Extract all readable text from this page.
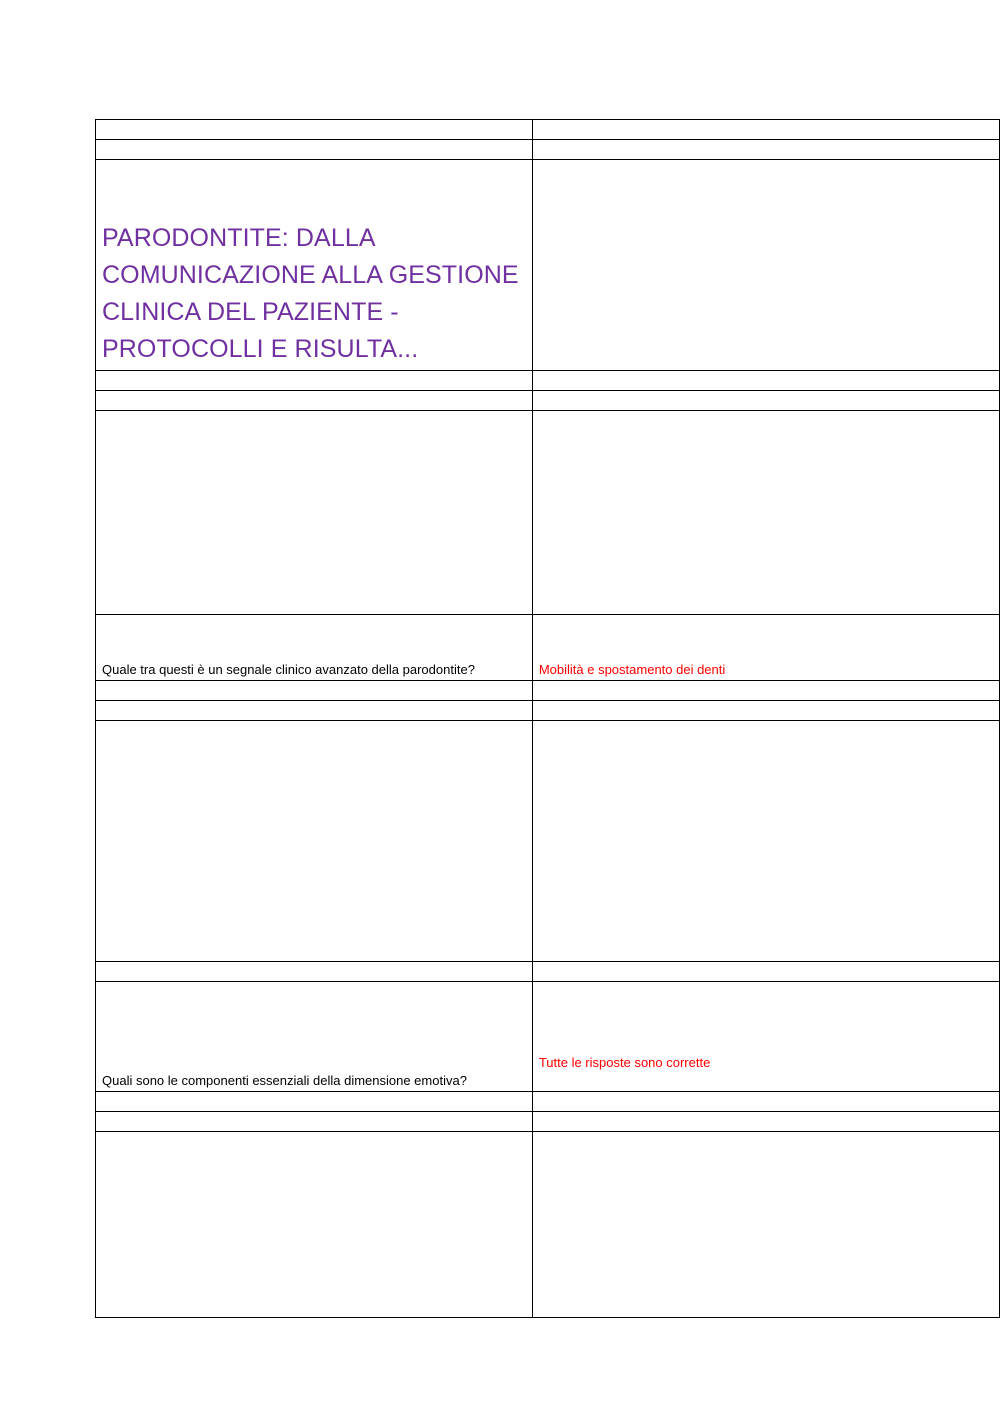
PARODONTITE: DALLA COMUNICAZIONE ALLA GESTIONE CLINICA DEL PAZIENTE - PROTOCOLLI E RISULTA...	

Quale tra questi è un segnale clinico avanzato della parodontite?	Mobilità e spostamento dei denti

Quali sono le componenti essenziali della dimensione emotiva?	Tutte le risposte sono corrette
